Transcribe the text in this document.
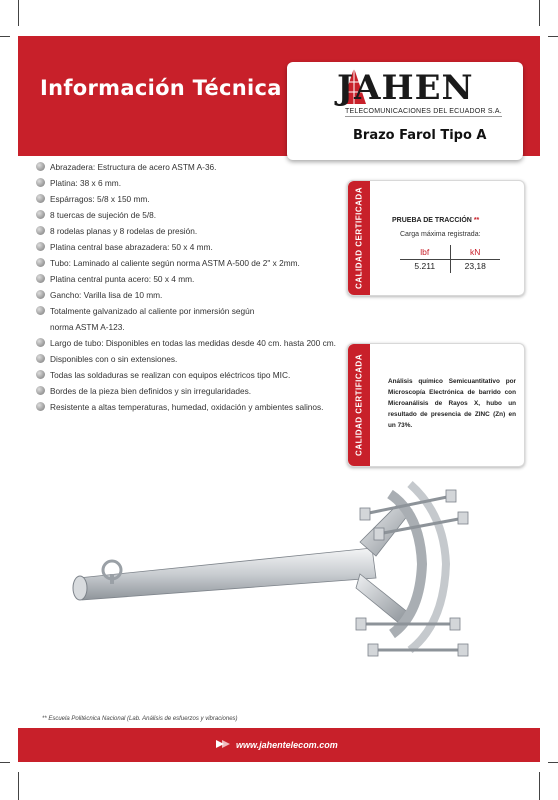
Información Técnica JAHEN
TELECOMUNICACIONES DEL ECUADOR S.A.
Brazo Farol Tipo A
Abrazadera: Estructura de acero ASTM A-36.
Platina: 38 x 6 mm.
Espárragos: 5/8 x 150 mm.
8 tuercas de sujeción de 5/8.
8 rodelas planas y 8 rodelas de presión.
Platina central base abrazadera: 50 x 4 mm.
Tubo: Laminado al caliente según norma ASTM A-500 de 2" x 2mm.
Platina central punta acero: 50 x 4 mm.
Gancho: Varilla lisa de 10 mm.
Totalmente galvanizado al caliente por inmersión según
norma ASTM A-123.
Largo de tubo: Disponibles en todas las medidas desde 40 cm. hasta 200 cm.
Disponibles con o sin extensiones.
Todas las soldaduras se realizan con equipos eléctricos tipo MIC.
Bordes de la pieza bien definidos y sin irregularidades.
Resistente a altas temperaturas, humedad, oxidación y ambientes salinos.
CALIDAD CERTIFICADA	PRUEBA DE TRACCIÓN **
Carga máxima registrada:
lbf	kN
5.211	23,18
CALIDAD CERTIFICADA	Análisis químico Semicuantitativo por Microscopía Electrónica de barrido con Microanálisis de Rayos X, hubo un resultado de presencia de ZINC (Zn) en un 73%.
** Escuela Politécnica Nacional (Lab. Análisis de esfuerzos y vibraciones)
www.jahentelecom.com
